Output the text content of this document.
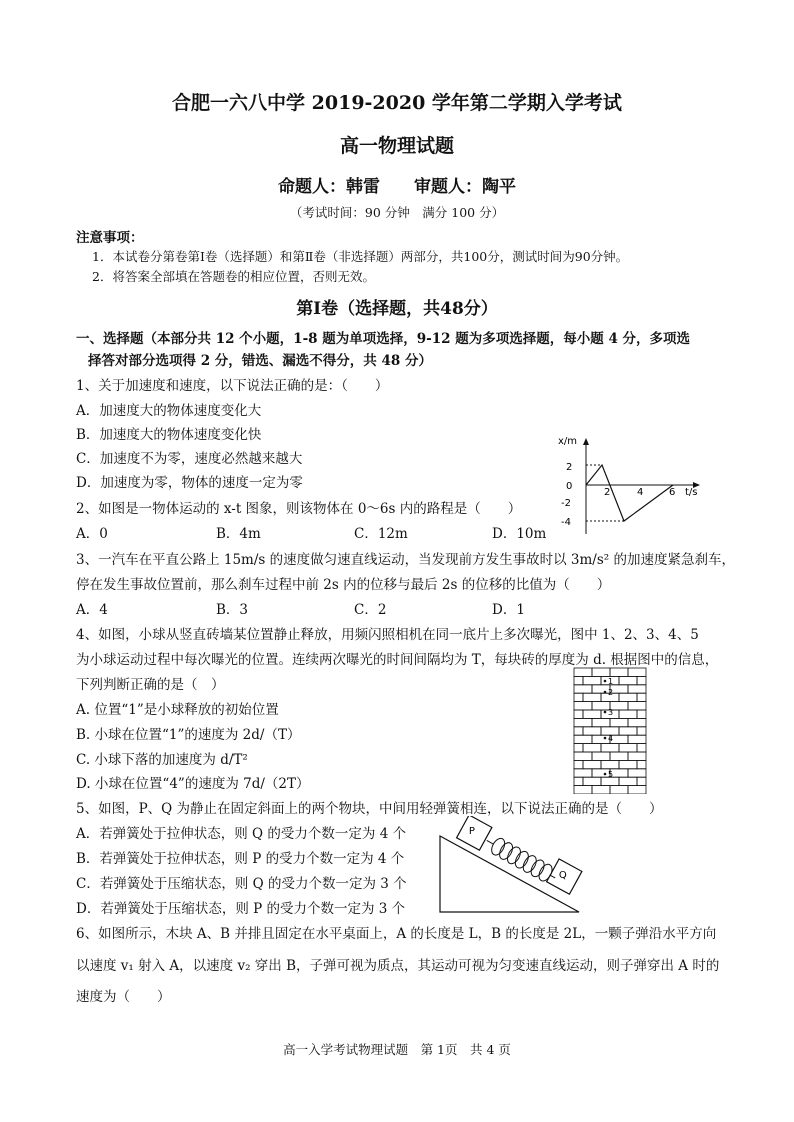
合肥一六八中学 2019-2020 学年第二学期入学考试
高一物理试题
命题人：韩雷　　审题人：陶平
（考试时间：90 分钟　满分 100 分）
注意事项：
1．本试卷分第卷第Ⅰ卷（选择题）和第Ⅱ卷（非选择题）两部分，共100分，测试时间为90分钟。
2．将答案全部填在答题卷的相应位置，否则无效。
第Ⅰ卷（选择题，共48分）
一、选择题（本部分共 12 个小题，1-8 题为单项选择，9-12 题为多项选择题，每小题 4 分，多项选
择答对部分选项得 2 分，错选、漏选不得分，共 48 分）
1、关于加速度和速度，以下说法正确的是：（　　）
A．加速度大的物体速度变化大
B．加速度大的物体速度变化快
C．加速度不为零，速度必然越来越大
D．加速度为零，物体的速度一定为零
2、如图是一物体运动的 x-t 图象，则该物体在 0～6s 内的路程是（　　）
A．0	B．4m	C．12m	D．10m
x/m
t/s
2
0
-2
-4
2	4	6
3、一汽车在平直公路上 15m/s 的速度做匀速直线运动，当发现前方发生事故时以 3m/s² 的加速度紧急刹车，
停在发生事故位置前，那么刹车过程中前 2s 内的位移与最后 2s 的位移的比值为（　　）
A．4	B．3	C．2	D．1
4、如图，小球从竖直砖墙某位置静止释放，用频闪照相机在同一底片上多次曝光，图中 1、2、3、4、5
为小球运动过程中每次曝光的位置。连续两次曝光的时间间隔均为 T，每块砖的厚度为 d. 根据图中的信息，
下列判断正确的是（　）
A. 位置“1”是小球释放的初始位置
B. 小球在位置“1”的速度为 2d/（T）
C. 小球下落的加速度为 d/T²
D. 小球在位置“4”的速度为 7d/（2T）
1
2
3
4
5
5、如图，P、Q 为静止在固定斜面上的两个物块，中间用轻弹簧相连，以下说法正确的是（　　）
A．若弹簧处于拉伸状态，则 Q 的受力个数一定为 4 个
B．若弹簧处于拉伸状态，则 P 的受力个数一定为 4 个
C．若弹簧处于压缩状态，则 Q 的受力个数一定为 3 个
D．若弹簧处于压缩状态，则 P 的受力个数一定为 3 个
P
Q
6、如图所示，木块 A、B 并排且固定在水平桌面上，A 的长度是 L，B 的长度是 2L，一颗子弹沿水平方向
以速度 v₁ 射入 A，以速度 v₂ 穿出 B，子弹可视为质点，其运动可视为匀变速直线运动，则子弹穿出 A 时的
速度为（　　）
高一入学考试物理试题　第 1页　共 4 页
